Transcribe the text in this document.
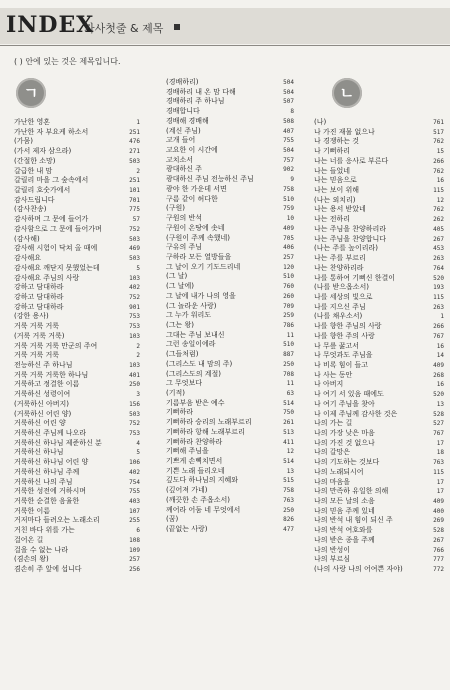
INDEX
가사첫줄 & 제목
( ) 안에 있는 것은 제목입니다.
ㄱ
가난한 영혼	1
가난한 자 부요케 하소서	251
(가뭄)	476
(가서 제자 삼으라)	271
(간절한 소망)	503
갈급한 내 맘	2
갈릴리 마을 그 숲속에서	251
갈릴리 호숫가에서	101
감사드립니다	701
(감사찬송)	775
감사하며 그 문에 들어가	57
감사함으로 그 문에 들어가며	752
(감사해)	503
감사해 시험이 닥쳐 올 때에	469
감사해요	503
감사해요 깨닫지 못했었는데	5
감사해요 주님의 사랑	103
강하고 담대하라	402
강하고 담대하라	752
강하고 담대하라	901
(강한 용사)	753
거룩 거룩 거룩	753
(거룩 거룩 거룩)	103
거룩 거룩 거룩 만군의 주여	2
거룩 거룩 거룩	2
전능하신 주 하나님	103
거룩 거룩 거룩한 하나님	401
거룩하고 정결한 이름	250
거룩하신 성령이여	3
(거룩하신 아버지)	156
(거룩하신 어린 양)	503
거룩하신 어린 양	752
거룩하신 주님께 나오라	753
거룩하신 하나님 제준하신 분	4
거룩하신 하나님	5
거룩하신 하나님 어린 양	106
거룩하신 하나님 주께	402
거룩하신 나의 주님	754
거룩한 성전에 거하시며	755
거룩한 순결한 음율한	403
거룩한 이름	107
거저마다 들려오는 노래소리	255
거친 바다 위를 가는	6
걸어온 길	108
걸을 수 없는 나라	109
(겸손의 왕)	257
겸손히 주 앞에 섭니다	256
(경배하리)	504
경배하리 내 온 맘 다해	504
경배하리 주 하나님	507
경배합니다	8
경배해 경배해	508
(계신 주님)	407
고개 들어	755
고요한 이 시간에	504
고치소서	757
광대하신 주	902
광대하신 주님 전능하신 주님	9
광야 한 가운데 서면	758
구름 같이 허다한	510
(구원)	759
구원의 반석	10
구원이 온땅에 솟네	409
(구원이 주께 속했네)	705
구유의 주님	406
구하라 모든 열방들을	257
그 날이 오기 기도드리네	120
(그 날)	510
(그 날에)	760
그 날에 내가 나의 영을	260
(그 놀라운 사랑)	709
그 누가 워리도	259
(그는 왕)	786
그대는 주님 보내신	11
그런 송일이에라	510
(그들처럼)	887
(그리스도 내 맘의 주)	250
(그리스도의 계절)	708
그 무엇보다	11
(기적)	63
기름부음 받은 예수	514
기뻐하라	750
기뻐하라 승리의 노래부르리	261
기뻐하라 항해 노래부르리	513
기뻐하라 찬양하라	411
기뻐해 주님을	12
기쁘게 손뼉치면서	514
기쁜 노래 들리오네	13
깊도다 하나님의 지혜와	515
(깊어져 가네)	758
(깨끗한 손 주옵소서)	763
께어라 어둠 네 무엇에서	250
(꿈)	826
(끝없는 사랑)	477
ㄴ
(나)	761
나 가진 재물 없으나	517
나 경쟁하는 것	762
나 기뻐하리	15
나는 너를 응사로 부른다	266
나는 들었네	762
나는 믿음으로	16
나는 보이 위해	115
(나는 외치리)	12
나는 용서 받았네	762
나는 전하리	262
나는 주님을 찬양하리라	405
나는 주님을 찬양합니다	267
(나는 주를 높이리라)	453
나는 주를 부르리	263
나는 찬양하리라	764
나를 통하여 기뻐신 한결이	520
(나를 받으옵소서)	193
나를 세상의 빛으로	115
나를 지으신 주님	263
(나를 채우소서)	1
나를 향한 주님의 사랑	266
나를 향한 주의 사랑	767
나 무릎 꿇고서	16
나 무엇과도 주님을	14
나 비록 힘이 들고	409
나 사는 동안	268
나 아버지	16
나 여기 서 있음 때에도	520
나 여기 주님을 찾아	13
나 이제 주님께 감사한 것은	528
나의 가는 길	527
나의 가장 낮은 마음	767
나의 가진 것 없으나	17
나의 갈망은	18
나의 기도하는 것보다	763
나의 노래되시어	115
나의 마음을	17
나의 만족하 유일한 의해	17
나의 모든 날의 소음	409
나의 믿음 주께 있네	400
나의 반석 내 힘이 되신 주	269
나의 반석 여호와를	528
나의 받은 종을 주께	267
나의 반성이	766
나의 부르심	777
(나의 사랑 나의 어여쁜 자야)	772
